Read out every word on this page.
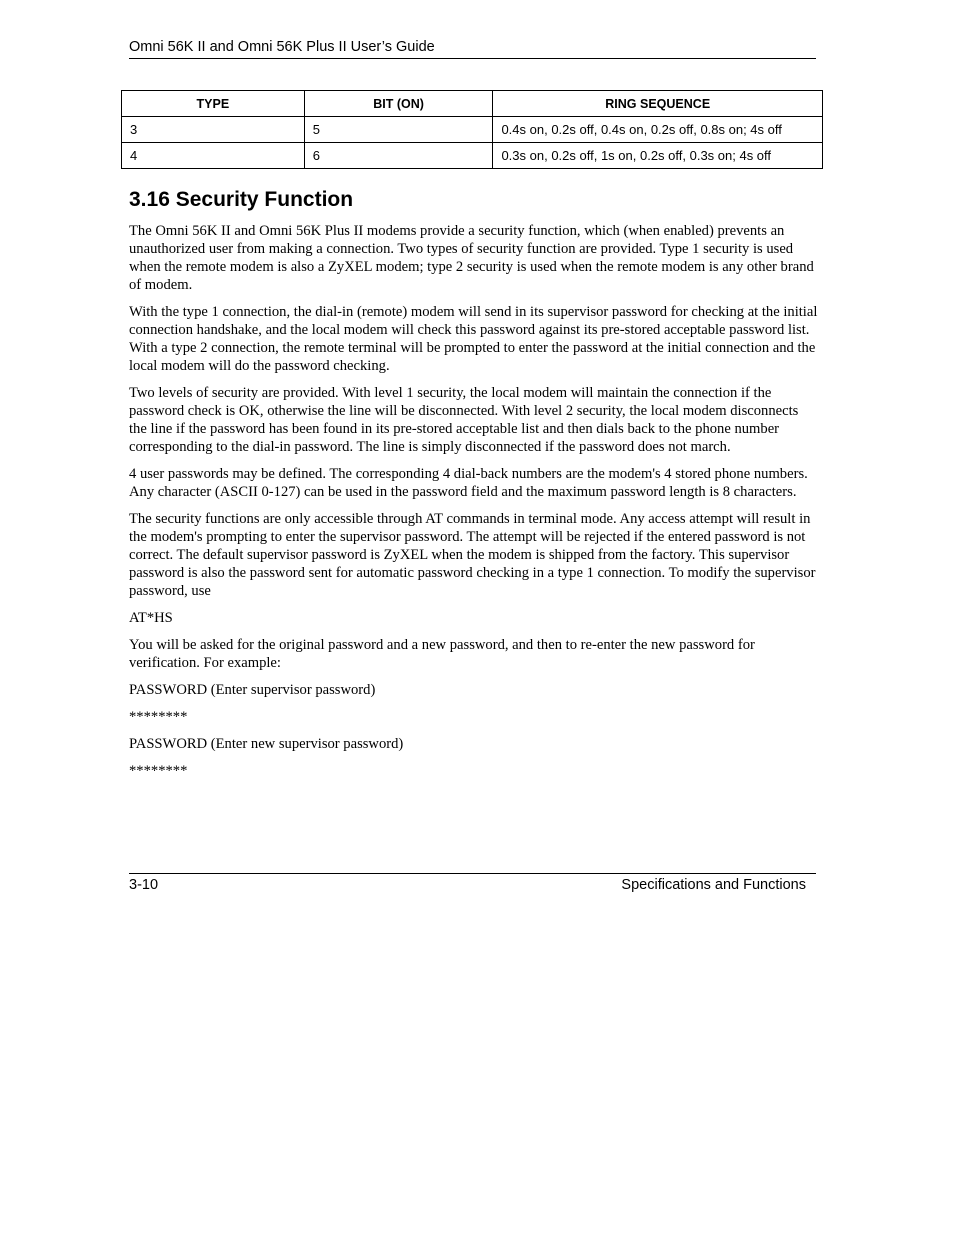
Omni 56K II and Omni 56K Plus II User’s Guide
TYPE	BIT (ON)	RING SEQUENCE
3	5	0.4s on, 0.2s off, 0.4s on, 0.2s off, 0.8s on; 4s off
4	6	0.3s on, 0.2s off, 1s on, 0.2s off, 0.3s on; 4s off
3.16 Security Function

The Omni 56K II and Omni 56K Plus II modems provide a security function, which (when enabled) prevents an unauthorized user from making a connection. Two types of security function are provided. Type 1 security is used when the remote modem is also a ZyXEL modem; type 2 security is used when the remote modem is any other brand of modem.

With the type 1 connection, the dial-in (remote) modem will send in its supervisor password for checking at the initial connection handshake, and the local modem will check this password against its pre-stored acceptable password list. With a type 2 connection, the remote terminal will be prompted to enter the password at the initial connection and the local modem will do the password checking.

Two levels of security are provided. With level 1 security, the local modem will maintain the connection if the password check is OK, otherwise the line will be disconnected. With level 2 security, the local modem disconnects the line if the password has been found in its pre-stored acceptable list and then dials back to the phone number corresponding to the dial-in password. The line is simply disconnected if the password does not march.

4 user passwords may be defined. The corresponding 4 dial-back numbers are the modem's 4 stored phone numbers. Any character (ASCII 0-127) can be used in the password field and the maximum password length is 8 characters.

The security functions are only accessible through AT commands in terminal mode. Any access attempt will result in the modem's prompting to enter the supervisor password. The attempt will be rejected if the entered password is not correct. The default supervisor password is ZyXEL when the modem is shipped from the factory. This supervisor password is also the password sent for automatic password checking in a type 1 connection. To modify the supervisor password, use

AT*HS

You will be asked for the original password and a new password, and then to re-enter the new password for verification. For example:

PASSWORD (Enter supervisor password)

********

PASSWORD (Enter new supervisor password)

********

3-10	Specifications and Functions
